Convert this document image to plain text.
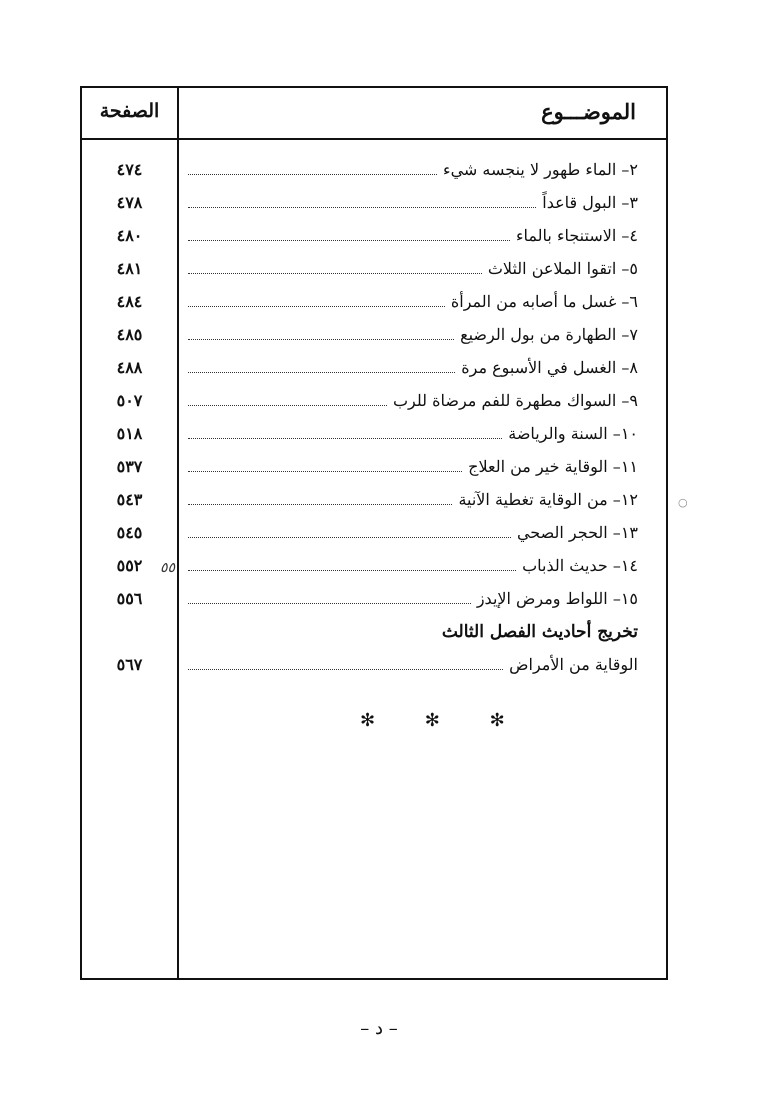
الموضـــوع
الصفحة
٢– الماء طهور لا ينجسه شيء
٤٧٤
٣– البول قاعداً
٤٧٨
٤– الاستنجاء بالماء
٤٨٠
٥– اتقوا الملاعن الثلاث
٤٨١
٦– غسل ما أصابه من المرأة
٤٨٤
٧– الطهارة من بول الرضيع
٤٨٥
٨– الغسل في الأسبوع مرة
٤٨٨
٩– السواك مطهرة للفم مرضاة للرب
٥٠٧
١٠– السنة والرياضة
٥١٨
١١– الوقاية خير من العلاج
٥٣٧
١٢– من الوقاية تغطية الآنية
٥٤٣
١٣– الحجر الصحي
٥٤٥
١٤– حديث الذباب
٥٥٢
١٥– اللواط ومرض الإيدز
٥٥٦
تخريج أحاديث الفصل الثالث
الوقاية من الأمراض
٥٦٧
٥٥
○
✻ ✻ ✻
– د –
